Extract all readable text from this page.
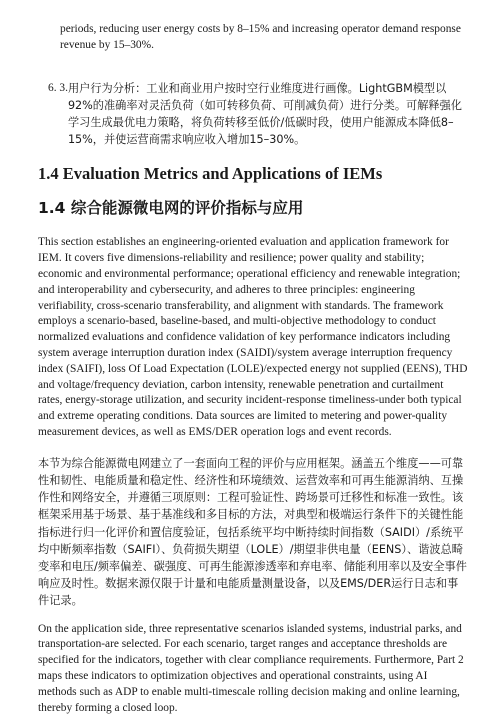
periods, reducing user energy costs by 8–15% and increasing operator demand response revenue by 15–30%.

6. 3. 用户行为分析：工业和商业用户按时空行业维度进行画像。LightGBM模型以92%的准确率对灵活负荷（如可转移负荷、可削减负荷）进行分类。可解释强化学习生成最优电力策略，将负荷转移至低价/低碳时段，使用户能源成本降低8–15%，并使运营商需求响应收入增加15–30%。

1.4 Evaluation Metrics and Applications of IEMs
1.4 综合能源微电网的评价指标与应用

This section establishes an engineering-oriented evaluation and application framework for IEM. It covers five dimensions-reliability and resilience; power quality and stability; economic and environmental performance; operational efficiency and renewable integration; and interoperability and cybersecurity, and adheres to three principles: engineering verifiability, cross-scenario transferability, and alignment with standards. The framework employs a scenario-based, baseline-based, and multi-objective methodology to conduct normalized evaluations and confidence validation of key performance indicators including system average interruption duration index (SAIDI)/system average interruption frequency index (SAIFI), loss Of Load Expectation (LOLE)/expected energy not supplied (EENS), THD and voltage/frequency deviation, carbon intensity, renewable penetration and curtailment rates, energy-storage utilization, and security incident-response timeliness-under both typical and extreme operating conditions. Data sources are limited to metering and power-quality measurement devices, as well as EMS/DER operation logs and event records.

本节为综合能源微电网建立了一套面向工程的评价与应用框架。涵盖五个维度——可靠性和韧性、电能质量和稳定性、经济性和环境绩效、运营效率和可再生能源消纳、互操作性和网络安全，并遵循三项原则：工程可验证性、跨场景可迁移性和标准一致性。该框架采用基于场景、基于基准线和多目标的方法，对典型和极端运行条件下的关键性能指标进行归一化评价和置信度验证，包括系统平均中断持续时间指数（SAIDI）/系统平均中断频率指数（SAIFI）、负荷损失期望（LOLE）/期望非供电量（EENS）、谐波总畸变率和电压/频率偏差、碳强度、可再生能源渗透率和弃电率、储能利用率以及安全事件响应及时性。数据来源仅限于计量和电能质量测量设备，以及EMS/DER运行日志和事件记录。

On the application side, three representative scenarios islanded systems, industrial parks, and transportation-are selected. For each scenario, target ranges and acceptance thresholds are specified for the indicators, together with clear compliance requirements. Furthermore, Part 2 maps these indicators to optimization objectives and operational constraints, using AI methods such as ADP to enable multi-timescale rolling decision making and online learning, thereby forming a closed loop.
